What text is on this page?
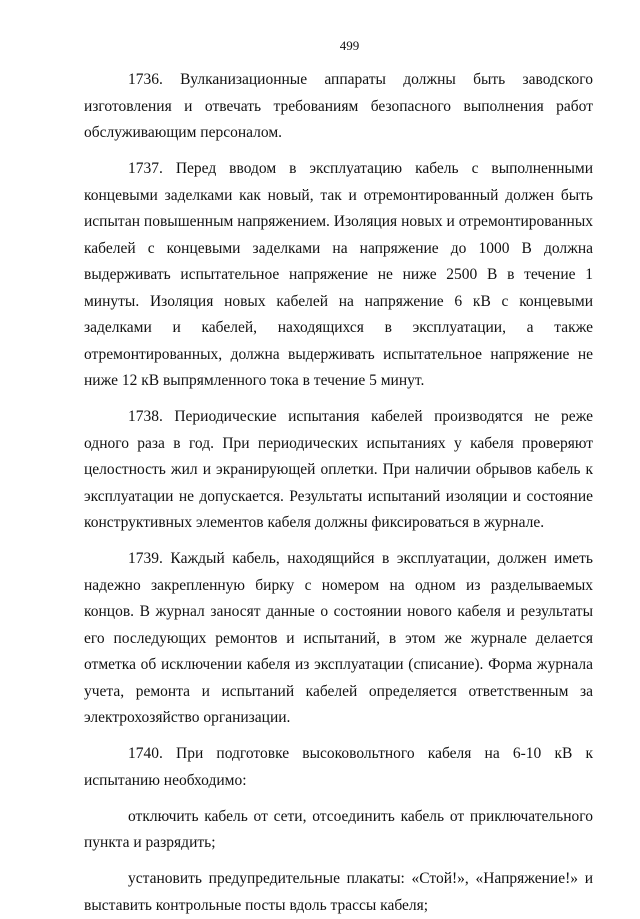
499

1736. Вулканизационные аппараты должны быть заводского изготовления и отвечать требованиям безопасного выполнения работ обслуживающим персоналом.

1737. Перед вводом в эксплуатацию кабель с выполненными концевыми заделками как новый, так и отремонтированный должен быть испытан повышенным напряжением. Изоляция новых и отремонтированных кабелей с концевыми заделками на напряжение до 1000 В должна выдерживать испытательное напряжение не ниже 2500 В в течение 1 минуты. Изоляция новых кабелей на напряжение 6 кВ с концевыми заделками и кабелей, находящихся в эксплуатации, а также отремонтированных, должна выдерживать испытательное напряжение не ниже 12 кВ выпрямленного тока в течение 5 минут.

1738. Периодические испытания кабелей производятся не реже одного раза в год. При периодических испытаниях у кабеля проверяют целостность жил и экранирующей оплетки. При наличии обрывов кабель к эксплуатации не допускается. Результаты испытаний изоляции и состояние конструктивных элементов кабеля должны фиксироваться в журнале.

1739. Каждый кабель, находящийся в эксплуатации, должен иметь надежно закрепленную бирку с номером на одном из разделываемых концов. В журнал заносят данные о состоянии нового кабеля и результаты его последующих ремонтов и испытаний, в этом же журнале делается отметка об исключении кабеля из эксплуатации (списание). Форма журнала учета, ремонта и испытаний кабелей определяется ответственным за электрохозяйство организации.

1740. При подготовке высоковольтного кабеля на 6-10 кВ к испытанию необходимо:

отключить кабель от сети, отсоединить кабель от приключательного пункта и разрядить;

установить предупредительные плакаты: «Стой!», «Напряжение!» и выставить контрольные посты вдоль трассы кабеля;
